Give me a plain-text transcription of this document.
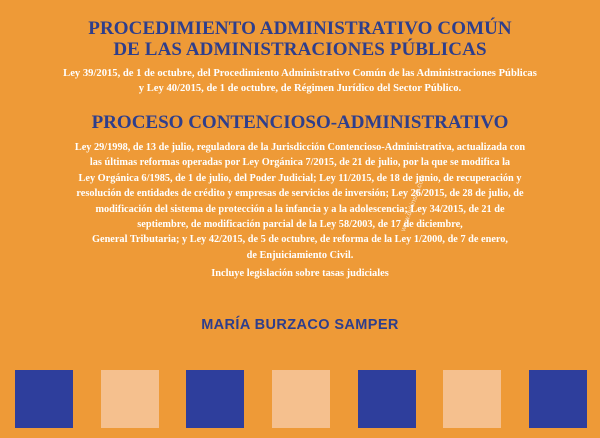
PROCEDIMIENTO ADMINISTRATIVO COMÚN
DE LAS ADMINISTRACIONES PÚBLICAS
Ley 39/2015, de 1 de octubre, del Procedimiento Administrativo Común de las Administraciones Públicas
y Ley 40/2015, de 1 de octubre, de Régimen Jurídico del Sector Público.
PROCESO CONTENCIOSO-ADMINISTRATIVO
Ley 29/1998, de 13 de julio, reguladora de la Jurisdicción Contencioso-Administrativa, actualizada con
las últimas reformas operadas por Ley Orgánica 7/2015, de 21 de julio, por la que se modifica la
Ley Orgánica 6/1985, de 1 de julio, del Poder Judicial; Ley 11/2015, de 18 de junio, de recuperación y
resolución de entidades de crédito y empresas de servicios de inversión; Ley 26/2015, de 28 de julio, de
modificación del sistema de protección a la infancia y a la adolescencia; Ley 34/2015, de 21 de
septiembre, de modificación parcial de la Ley 58/2003, de 17 de diciembre,
General Tributaria; y Ley 42/2015, de 5 de octubre, de reforma de la Ley 1/2000, de 7 de enero,
de Enjuiciamiento Civil.
Incluye legislación sobre tasas judiciales
MARÍA BURZACO SAMPER
www.dykinson.com
